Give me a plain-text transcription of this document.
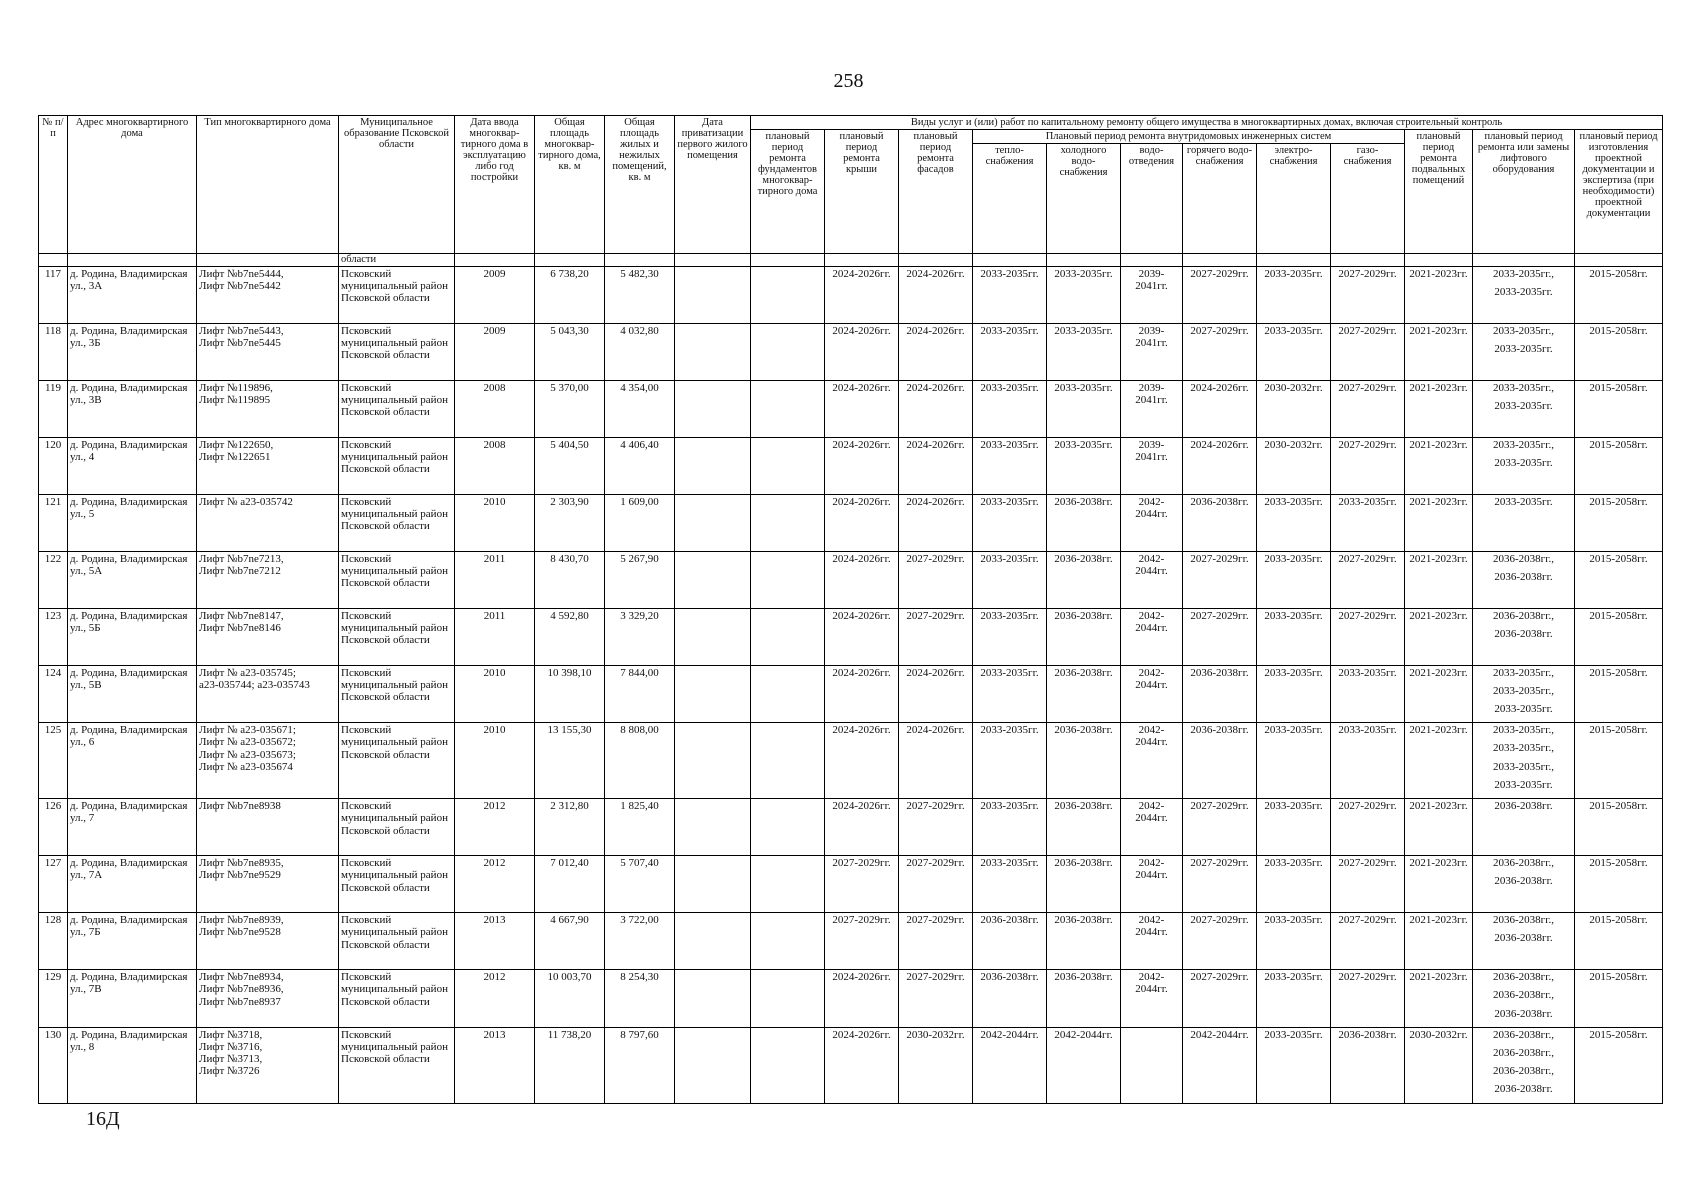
258
№ п/п	Адрес многоквартирного дома	Тип многоквартирного дома	Муниципальное образование Псковской области	Дата ввода многоквар-тирного дома в эксплуатацию либо год постройки	Общая площадь многоквар-тирного дома, кв. м	Общая площадь жилых и нежилых помещений, кв. м	Дата приватизации первого жилого помещения	Виды услуг и (или) работ по капитальному ремонту общего имущества в многоквартирных домах, включая строительный контроль											
								плановый период ремонта фундаментов многоквар-тирного дома	плановый период ремонта крыши	плановый период ремонта фасадов	Плановый период ремонта внутридомовых инженерных систем						плановый период ремонта подвальных помещений	плановый период ремонта или замены лифтового оборудования	плановый период изготовления проектной документации и экспертиза (при необходимости) проектной документации
											тепло-снабжения	холодного водо-снабжения	водо-отведения	горячего водо-снабжения	электро-снабжения	газо-снабжения			
			области																
117	д. Родина, Владимирская ул., 3А	Лифт №b7ne5444,
Лифт №b7ne5442	Псковский муниципальный район Псковской области	2009	6 738,20	5 482,30			2024-2026гг.	2024-2026гг.	2033-2035гг.	2033-2035гг.	2039-2041гг.	2027-2029гг.	2033-2035гг.	2027-2029гг.	2021-2023гг.	2033-2035гг.,
2033-2035гг.	2015-2058гг.
118	д. Родина, Владимирская ул., 3Б	Лифт №b7ne5443,
Лифт №b7ne5445	Псковский муниципальный район Псковской области	2009	5 043,30	4 032,80			2024-2026гг.	2024-2026гг.	2033-2035гг.	2033-2035гг.	2039-2041гг.	2027-2029гг.	2033-2035гг.	2027-2029гг.	2021-2023гг.	2033-2035гг.,
2033-2035гг.	2015-2058гг.
119	д. Родина, Владимирская ул., 3В	Лифт №119896,
Лифт №119895	Псковский муниципальный район Псковской области	2008	5 370,00	4 354,00			2024-2026гг.	2024-2026гг.	2033-2035гг.	2033-2035гг.	2039-2041гг.	2024-2026гг.	2030-2032гг.	2027-2029гг.	2021-2023гг.	2033-2035гг.,
2033-2035гг.	2015-2058гг.
120	д. Родина, Владимирская ул., 4	Лифт №122650,
Лифт №122651	Псковский муниципальный район Псковской области	2008	5 404,50	4 406,40			2024-2026гг.	2024-2026гг.	2033-2035гг.	2033-2035гг.	2039-2041гг.	2024-2026гг.	2030-2032гг.	2027-2029гг.	2021-2023гг.	2033-2035гг.,
2033-2035гг.	2015-2058гг.
121	д. Родина, Владимирская ул., 5	Лифт № a23-035742	Псковский муниципальный район Псковской области	2010	2 303,90	1 609,00			2024-2026гг.	2024-2026гг.	2033-2035гг.	2036-2038гг.	2042-2044гг.	2036-2038гг.	2033-2035гг.	2033-2035гг.	2021-2023гг.	2033-2035гг.	2015-2058гг.
122	д. Родина, Владимирская ул., 5А	Лифт №b7ne7213,
Лифт №b7ne7212	Псковский муниципальный район Псковской области	2011	8 430,70	5 267,90			2024-2026гг.	2027-2029гг.	2033-2035гг.	2036-2038гг.	2042-2044гг.	2027-2029гг.	2033-2035гг.	2027-2029гг.	2021-2023гг.	2036-2038гг.,
2036-2038гг.	2015-2058гг.
123	д. Родина, Владимирская ул., 5Б	Лифт №b7ne8147,
Лифт №b7ne8146	Псковский муниципальный район Псковской области	2011	4 592,80	3 329,20			2024-2026гг.	2027-2029гг.	2033-2035гг.	2036-2038гг.	2042-2044гг.	2027-2029гг.	2033-2035гг.	2027-2029гг.	2021-2023гг.	2036-2038гг.,
2036-2038гг.	2015-2058гг.
124	д. Родина, Владимирская ул., 5В	Лифт № a23-035745;
a23-035744; a23-035743	Псковский муниципальный район Псковской области	2010	10 398,10	7 844,00			2024-2026гг.	2024-2026гг.	2033-2035гг.	2036-2038гг.	2042-2044гг.	2036-2038гг.	2033-2035гг.	2033-2035гг.	2021-2023гг.	2033-2035гг.,
2033-2035гг.,
2033-2035гг.	2015-2058гг.
125	д. Родина, Владимирская ул., 6	Лифт № a23-035671;
Лифт № a23-035672;
Лифт № a23-035673;
Лифт № a23-035674	Псковский муниципальный район Псковской области	2010	13 155,30	8 808,00			2024-2026гг.	2024-2026гг.	2033-2035гг.	2036-2038гг.	2042-2044гг.	2036-2038гг.	2033-2035гг.	2033-2035гг.	2021-2023гг.	2033-2035гг.,
2033-2035гг.,
2033-2035гг.,
2033-2035гг.	2015-2058гг.
126	д. Родина, Владимирская ул., 7	Лифт №b7ne8938	Псковский муниципальный район Псковской области	2012	2 312,80	1 825,40			2024-2026гг.	2027-2029гг.	2033-2035гг.	2036-2038гг.	2042-2044гг.	2027-2029гг.	2033-2035гг.	2027-2029гг.	2021-2023гг.	2036-2038гг.	2015-2058гг.
127	д. Родина, Владимирская ул., 7А	Лифт №b7ne8935,
Лифт №b7ne9529	Псковский муниципальный район Псковской области	2012	7 012,40	5 707,40			2027-2029гг.	2027-2029гг.	2033-2035гг.	2036-2038гг.	2042-2044гг.	2027-2029гг.	2033-2035гг.	2027-2029гг.	2021-2023гг.	2036-2038гг.,
2036-2038гг.	2015-2058гг.
128	д. Родина, Владимирская ул., 7Б	Лифт №b7ne8939,
Лифт №b7ne9528	Псковский муниципальный район Псковской области	2013	4 667,90	3 722,00			2027-2029гг.	2027-2029гг.	2036-2038гг.	2036-2038гг.	2042-2044гг.	2027-2029гг.	2033-2035гг.	2027-2029гг.	2021-2023гг.	2036-2038гг.,
2036-2038гг.	2015-2058гг.
129	д. Родина, Владимирская ул., 7В	Лифт №b7ne8934,
Лифт №b7ne8936,
Лифт №b7ne8937	Псковский муниципальный район Псковской области	2012	10 003,70	8 254,30			2024-2026гг.	2027-2029гг.	2036-2038гг.	2036-2038гг.	2042-2044гг.	2027-2029гг.	2033-2035гг.	2027-2029гг.	2021-2023гг.	2036-2038гг.,
2036-2038гг.,
2036-2038гг.	2015-2058гг.
130	д. Родина, Владимирская ул., 8	Лифт №3718,
Лифт №3716,
Лифт №3713,
Лифт №3726	Псковский муниципальный район Псковской области	2013	11 738,20	8 797,60			2024-2026гг.	2030-2032гг.	2042-2044гг.	2042-2044гг.		2042-2044гг.	2033-2035гг.	2036-2038гг.	2030-2032гг.	2036-2038гг.,
2036-2038гг.,
2036-2038гг.,
2036-2038гг.	2015-2058гг.
16Д
